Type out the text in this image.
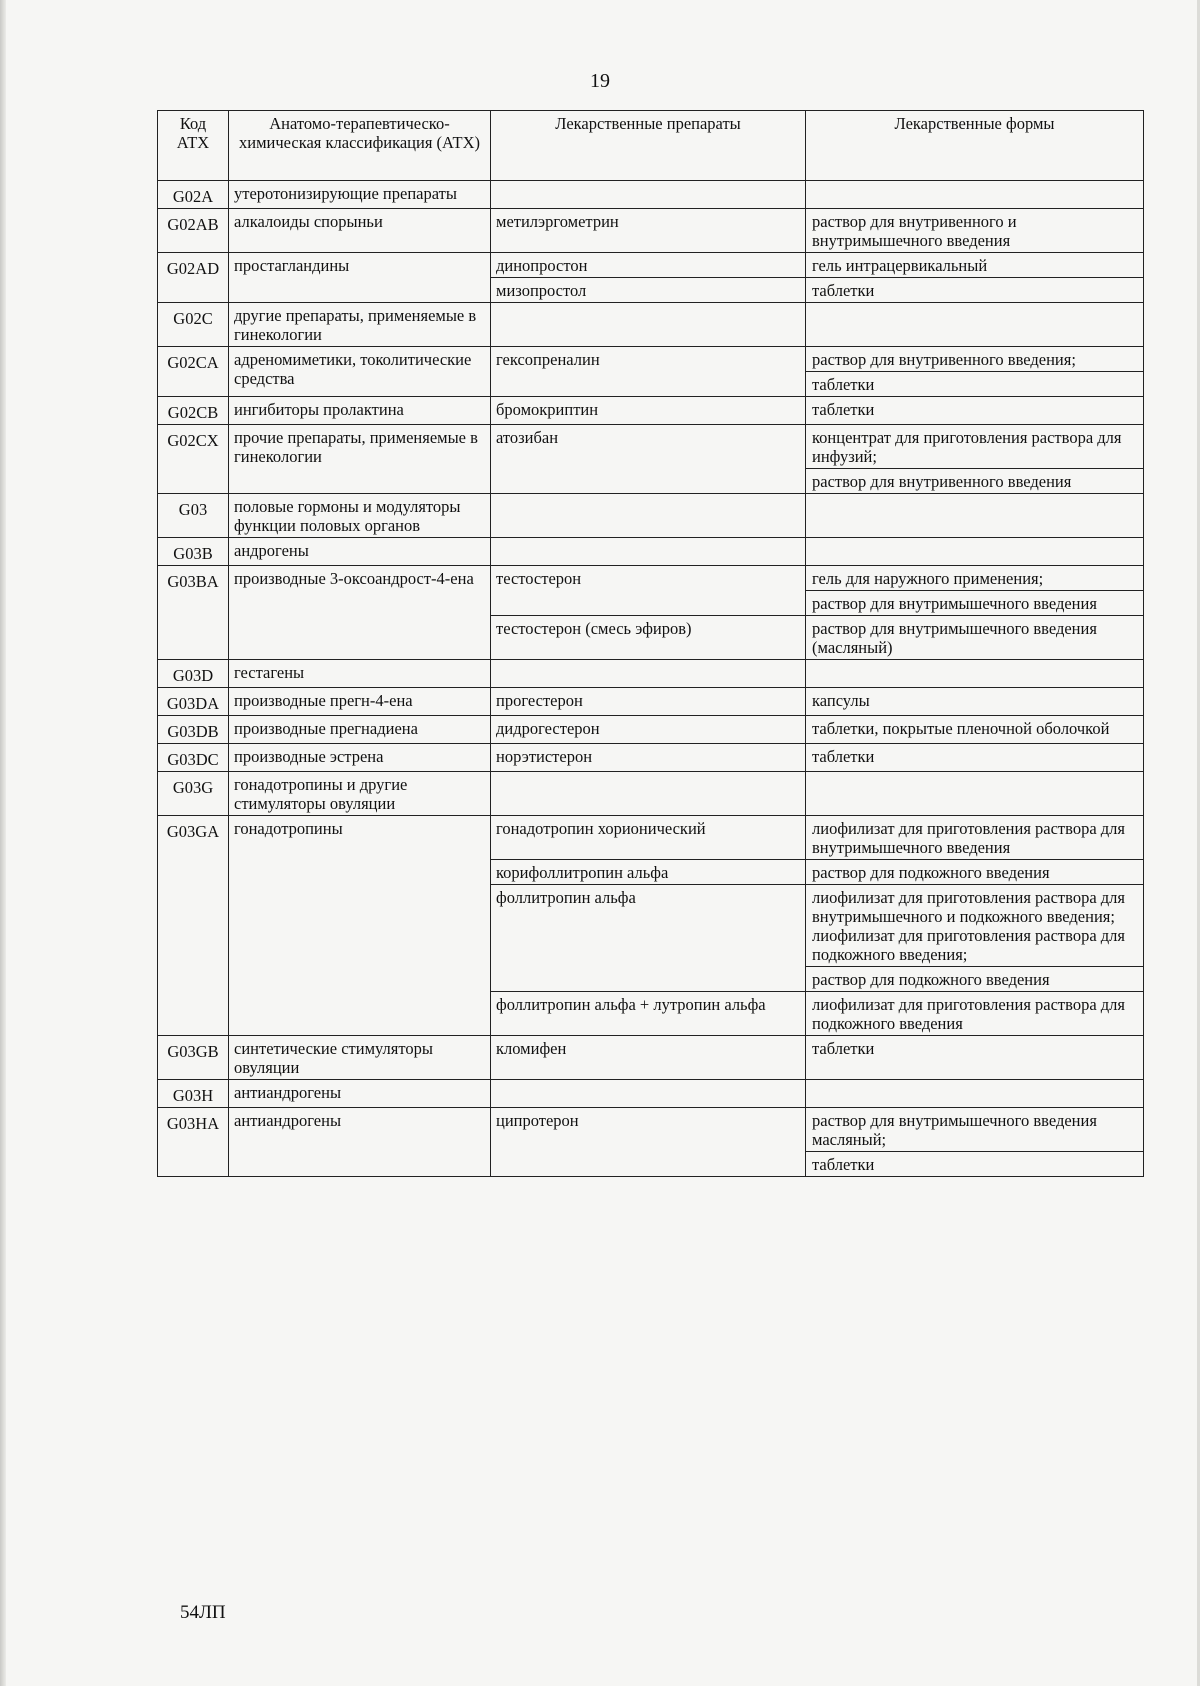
19
Код АТХ	Анатомо-терапевтическо-химическая классификация (АТХ)	Лекарственные препараты	Лекарственные формы
G02A	утеротонизирующие препараты		

G02AB	алкалоиды спорыньи	метилэргометрин	раствор для внутривенного и внутримышечного введения

G02AD	простагландины	динопростон	гель интрацервикальный

		мизопростол	таблетки

G02C	другие препараты, применяемые в гинекологии		

G02CA	адреномиметики, токолитические средства	гексопреналин	раствор для внутривенного введения;
таблетки

G02CB	ингибиторы пролактина	бромокриптин	таблетки

G02CX	прочие препараты, применяемые в гинекологии	атозибан	концентрат для приготовления раствора для инфузий;
раствор для внутривенного введения

G03	половые гормоны и модуляторы функции половых органов		

G03B	андрогены		

G03BA	производные 3-оксоандрост-4-ена	тестостерон	гель для наружного применения;
раствор для внутримышечного введения

		тестостерон (смесь эфиров)	раствор для внутримышечного введения (масляный)

G03D	гестагены		

G03DA	производные прегн-4-ена	прогестерон	капсулы

G03DB	производные прегнадиена	дидрогестерон	таблетки, покрытые пленочной оболочкой

G03DC	производные эстрена	норэтистерон	таблетки

G03G	гонадотропины и другие стимуляторы овуляции		

G03GA	гонадотропины	гонадотропин хорионический	лиофилизат для приготовления раствора для внутримышечного введения

		корифоллитропин альфа	раствор для подкожного введения

		фоллитропин альфа	лиофилизат для приготовления раствора для внутримышечного и подкожного введения; лиофилизат для приготовления раствора для подкожного введения;
раствор для подкожного введения

		фоллитропин альфа + лутропин альфа	лиофилизат для приготовления раствора для подкожного введения

G03GB	синтетические стимуляторы овуляции	кломифен	таблетки

G03H	антиандрогены		

G03HA	антиандрогены	ципротерон	раствор для внутримышечного введения масляный;
таблетки
54ЛП
